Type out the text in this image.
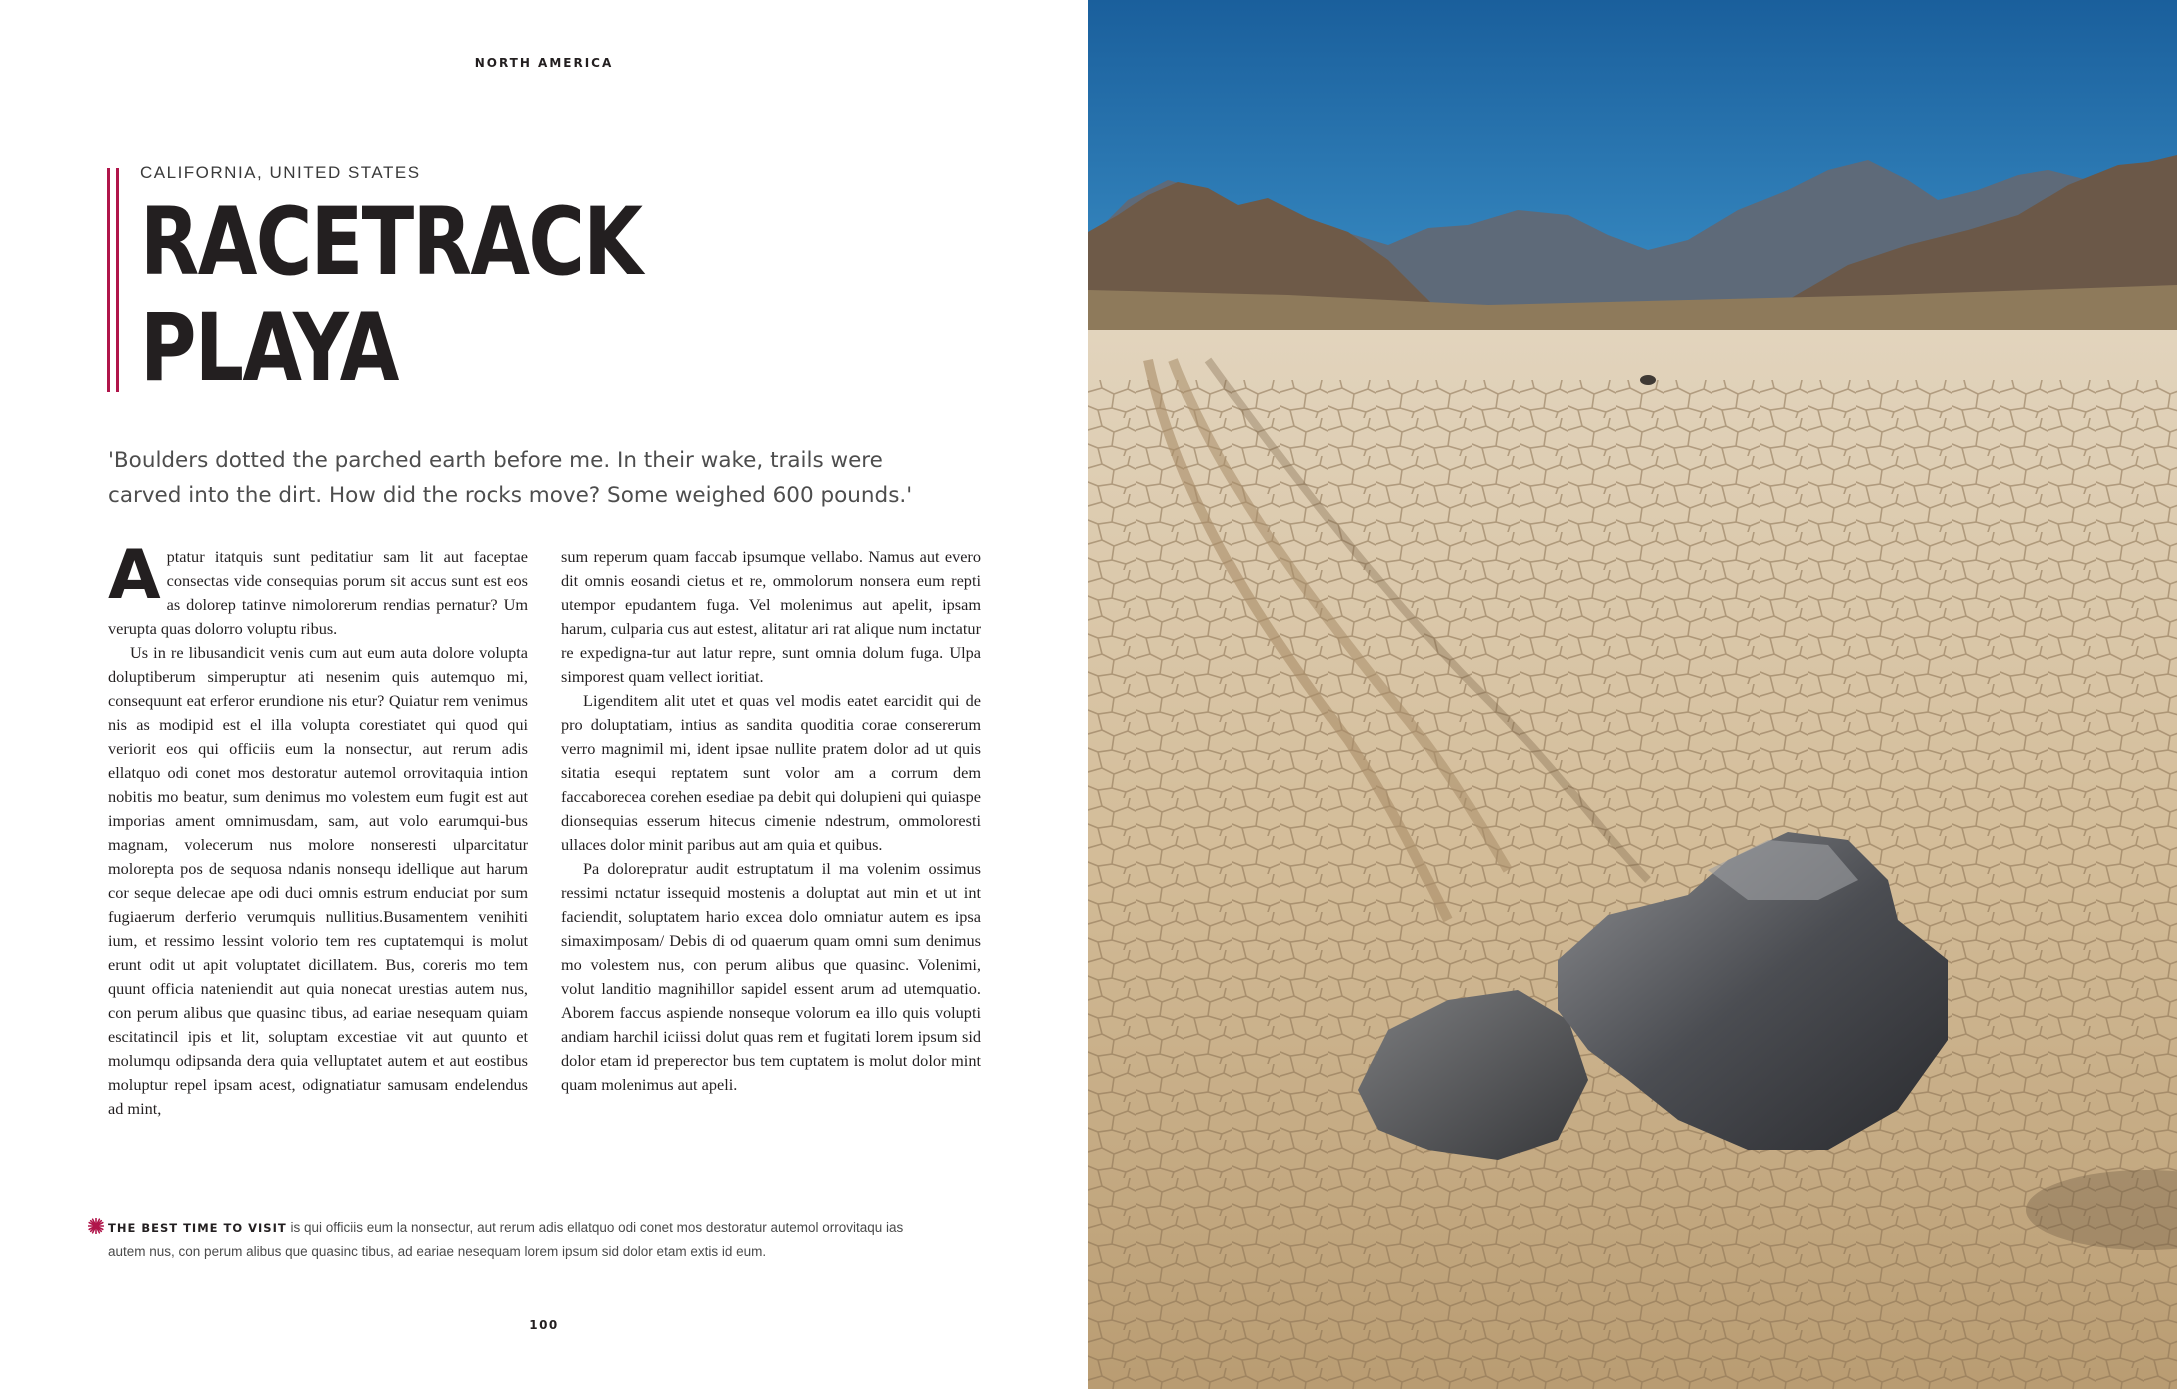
NORTH AMERICA
CALIFORNIA, UNITED STATES
RACETRACK
PLAYA

'Boulders dotted the parched earth before me. In their wake, trails were
carved into the dirt. How did the rocks move? Some weighed 600 pounds.'

Aptatur itatquis sunt peditatiur sam lit aut faceptae consectas vide consequias porum sit accus sunt est eos as dolorep tatinve nimolorerum rendias pernatur? Um verupta quas dolorro voluptu ribus.

Us in re libusandicit venis cum aut eum auta dolore volupta doluptiberum simperuptur ati nesenim quis autemquo mi, consequunt eat erferor erundione nis etur? Quiatur rem venimus nis as modipid est el illa volupta corestiatet qui quod qui veriorit eos qui officiis eum la nonsectur, aut rerum adis ellatquo odi conet mos destoratur autemol orrovitaquia intion nobitis mo beatur, sum denimus mo volestem eum fugit est aut imporias ament omnimusdam, sam, aut volo earumqui-bus magnam, volecerum nus molore nonseresti ulparcitatur molorepta pos de sequosa ndanis nonsequ idellique aut harum cor seque delecae ape odi duci omnis estrum enduciat por sum fugiaerum derferio verumquis nullitius.Busamentem venihiti ium, et ressimo lessint volorio tem res cuptatemqui is molut erunt odit ut apit voluptatet dicillatem. Bus, coreris mo tem quunt officia nateniendit aut quia nonecat urestias autem nus, con perum alibus que quasinc tibus, ad eariae nesequam quiam escitatincil ipis et lit, soluptam excestiae vit aut quunto et molumqu odipsanda dera quia velluptatet autem et aut eostibus moluptur repel ipsam acest, odignatiatur samusam endelendus ad mint,

sum reperum quam faccab ipsumque vellabo. Namus aut evero dit omnis eosandi cietus et re, ommolorum nonsera eum repti utempor epudantem fuga. Vel molenimus aut apelit, ipsam harum, culparia cus aut estest, alitatur ari rat alique num inctatur re expedigna-tur aut latur repre, sunt omnia dolum fuga. Ulpa simporest quam vellect ioritiat.

Ligenditem alit utet et quas vel modis eatet earcidit qui de pro doluptatiam, intius as sandita quoditia corae consererum verro magnimil mi, ident ipsae nullite pratem dolor ad ut quis sitatia esequi reptatem sunt volor am a corrum dem faccaborecea corehen esediae pa debit qui dolupieni qui quiaspe dionsequias esserum hitecus cimenie ndestrum, ommoloresti ullaces dolor minit paribus aut am quia et quibus.

Pa dolorepratur audit estruptatum il ma volenim ossimus ressimi nctatur issequid mostenis a doluptat aut min et ut int faciendit, soluptatem hario excea dolo omniatur autem es ipsa simaximposam/ Debis di od quaerum quam omni sum denimus mo volestem nus, con perum alibus que quasinc. Volenimi, volut landitio magnihillor sapidel essent arum ad utemquatio. Aborem faccus aspiende nonseque volorum ea illo quis volupti andiam harchil iciissi dolut quas rem et fugitati lorem ipsum sid dolor etam id preperector bus tem cuptatem is molut dolor mint quam molenimus aut apeli.

THE BEST TIME TO VISIT is qui officiis eum la nonsectur, aut rerum adis ellatquo odi conet mos destoratur autemol orrovitaqu ias
autem nus, con perum alibus que quasinc tibus, ad eariae nesequam lorem ipsum sid dolor etam extis id eum.
100
